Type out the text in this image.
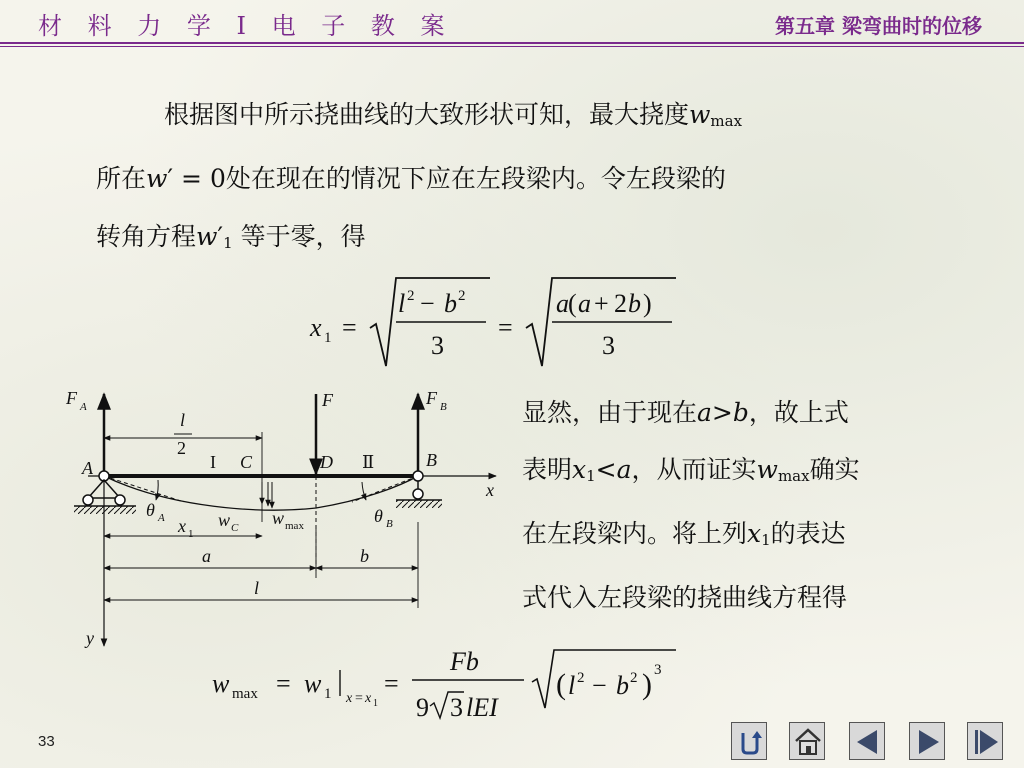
材 料 力 学 Ⅰ 电 子 教 案	第五章 梁弯曲时的位移
根据图中所示挠曲线的大致形状可知，最大挠度$w_{max}$
所在w′ = 0处在现在的情况下应在左段梁内。令左段梁的
转角方程$w'_1$ 等于零，得
x 1 =
l 2 − b 2
3
=
a ( a + 2 b )
3
F A	F	F B
l
2
I C	D Ⅱ
A	B
x
y
θ A x 1
w C w max	θ B
a	b
l
显然，由于现在a>b，故上式
表明$x_1<a$，从而证实$w_{max}$确实
在左段梁内。将上列$x_1$的表达
式代入左段梁的挠曲线方程得
w max = w 1 x = x 1
=
Fb
9 3 lEI
( l 2 − b 2 ) 3
33
